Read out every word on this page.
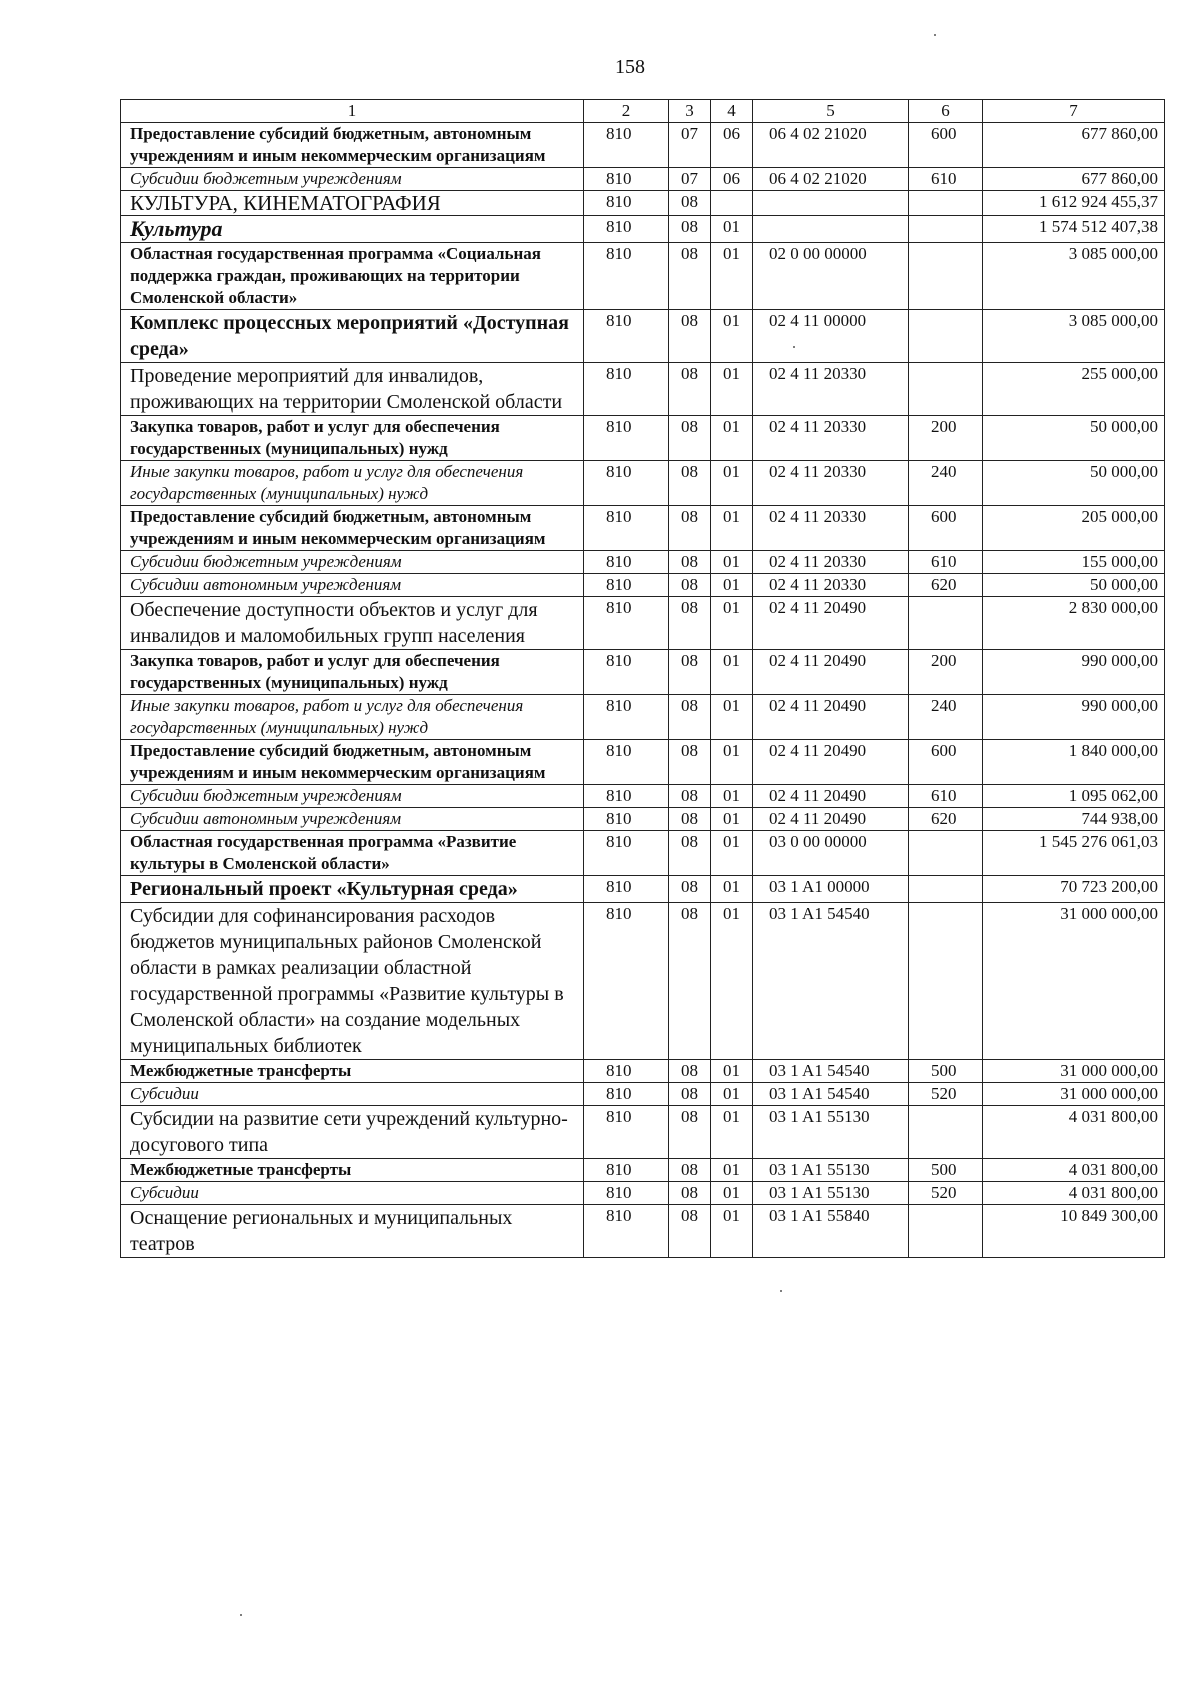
158
1	2	3	4	5	6	7
Предоставление субсидий бюджетным, автономным учреждениям и иным некоммерческим организациям	810	07	06	06 4 02 21020	600	677 860,00
Субсидии бюджетным учреждениям	810	07	06	06 4 02 21020	610	677 860,00
КУЛЬТУРА, КИНЕМАТОГРАФИЯ	810	08				1 612 924 455,37
Культура	810	08	01			1 574 512 407,38
Областная государственная программа «Социальная поддержка граждан, проживающих на территории Смоленской области»	810	08	01	02 0 00 00000		3 085 000,00
Комплекс процессных мероприятий «Доступная среда»	810	08	01	02 4 11 00000		3 085 000,00
Проведение мероприятий для инвалидов, проживающих на территории Смоленской области	810	08	01	02 4 11 20330		255 000,00
Закупка товаров, работ и услуг для обеспечения государственных (муниципальных) нужд	810	08	01	02 4 11 20330	200	50 000,00
Иные закупки товаров, работ и услуг для обеспечения государственных (муниципальных) нужд	810	08	01	02 4 11 20330	240	50 000,00
Предоставление субсидий бюджетным, автономным учреждениям и иным некоммерческим организациям	810	08	01	02 4 11 20330	600	205 000,00
Субсидии бюджетным учреждениям	810	08	01	02 4 11 20330	610	155 000,00
Субсидии автономным учреждениям	810	08	01	02 4 11 20330	620	50 000,00
Обеспечение доступности объектов и услуг для инвалидов и маломобильных групп населения	810	08	01	02 4 11 20490		2 830 000,00
Закупка товаров, работ и услуг для обеспечения государственных (муниципальных) нужд	810	08	01	02 4 11 20490	200	990 000,00
Иные закупки товаров, работ и услуг для обеспечения государственных (муниципальных) нужд	810	08	01	02 4 11 20490	240	990 000,00
Предоставление субсидий бюджетным, автономным учреждениям и иным некоммерческим организациям	810	08	01	02 4 11 20490	600	1 840 000,00
Субсидии бюджетным учреждениям	810	08	01	02 4 11 20490	610	1 095 062,00
Субсидии автономным учреждениям	810	08	01	02 4 11 20490	620	744 938,00
Областная государственная программа «Развитие культуры в Смоленской области»	810	08	01	03 0 00 00000		1 545 276 061,03
Региональный проект «Культурная среда»	810	08	01	03 1 A1 00000		70 723 200,00
Субсидии для софинансирования расходов бюджетов муниципальных районов Смоленской области в рамках реализации областной государственной программы «Развитие культуры в Смоленской области» на создание модельных муниципальных библиотек	810	08	01	03 1 A1 54540		31 000 000,00
Межбюджетные трансферты	810	08	01	03 1 A1 54540	500	31 000 000,00
Субсидии	810	08	01	03 1 A1 54540	520	31 000 000,00
Субсидии на развитие сети учреждений культурно-досугового типа	810	08	01	03 1 A1 55130		4 031 800,00
Межбюджетные трансферты	810	08	01	03 1 A1 55130	500	4 031 800,00
Субсидии	810	08	01	03 1 A1 55130	520	4 031 800,00
Оснащение региональных и муниципальных театров	810	08	01	03 1 A1 55840		10 849 300,00
